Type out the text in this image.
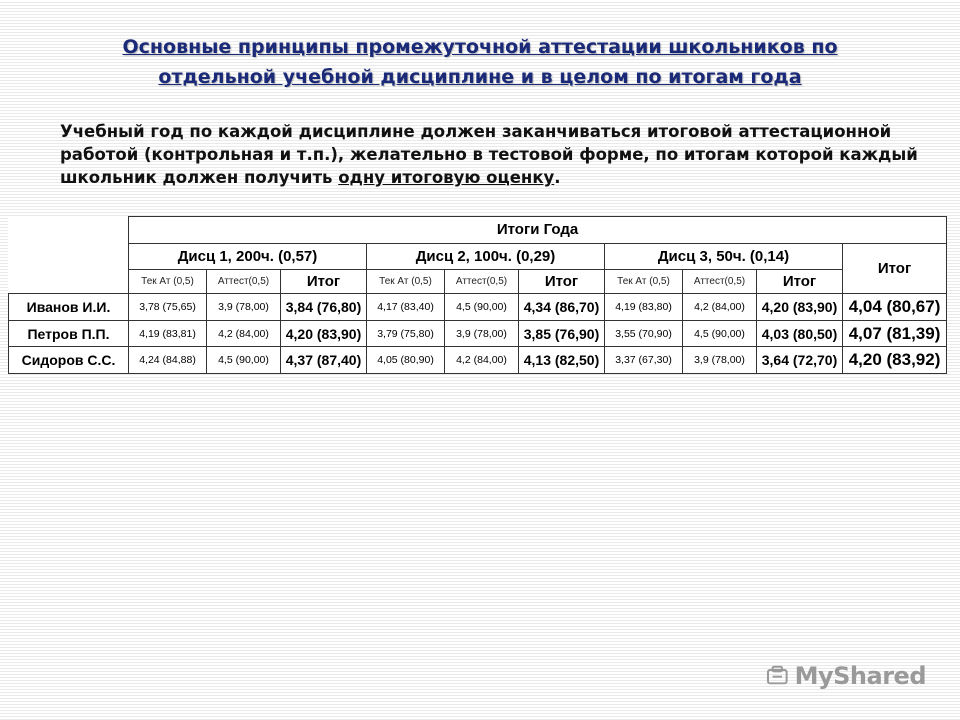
Основные принципы промежуточной аттестации школьников по
отдельной учебной дисциплине и в целом по итогам года
Учебный год по каждой дисциплине должен заканчиваться итоговой аттестационной работой (контрольная и т.п.), желательно в тестовой форме, по итогам которой каждый школьник должен получить одну итоговую оценку.
	Итоги Года									
	Дисц 1, 200ч. (0,57)			Дисц 2, 100ч. (0,29)			Дисц 3, 50ч. (0,14)			Итог
	Тек Ат (0,5)	Аттест(0,5)	Итог	Тек Ат (0,5)	Аттест(0,5)	Итог	Тек Ат (0,5)	Аттест(0,5)	Итог	
Иванов И.И.	3,78 (75,65)	3,9 (78,00)	3,84 (76,80)	4,17 (83,40)	4,5 (90,00)	4,34 (86,70)	4,19 (83,80)	4,2 (84,00)	4,20 (83,90)	4,04 (80,67)
Петров П.П.	4,19 (83,81)	4,2 (84,00)	4,20 (83,90)	3,79 (75,80)	3,9 (78,00)	3,85 (76,90)	3,55 (70,90)	4,5 (90,00)	4,03 (80,50)	4,07 (81,39)
Сидоров С.С.	4,24 (84,88)	4,5 (90,00)	4,37 (87,40)	4,05 (80,90)	4,2 (84,00)	4,13 (82,50)	3,37 (67,30)	3,9 (78,00)	3,64 (72,70)	4,20 (83,92)
MyShared
